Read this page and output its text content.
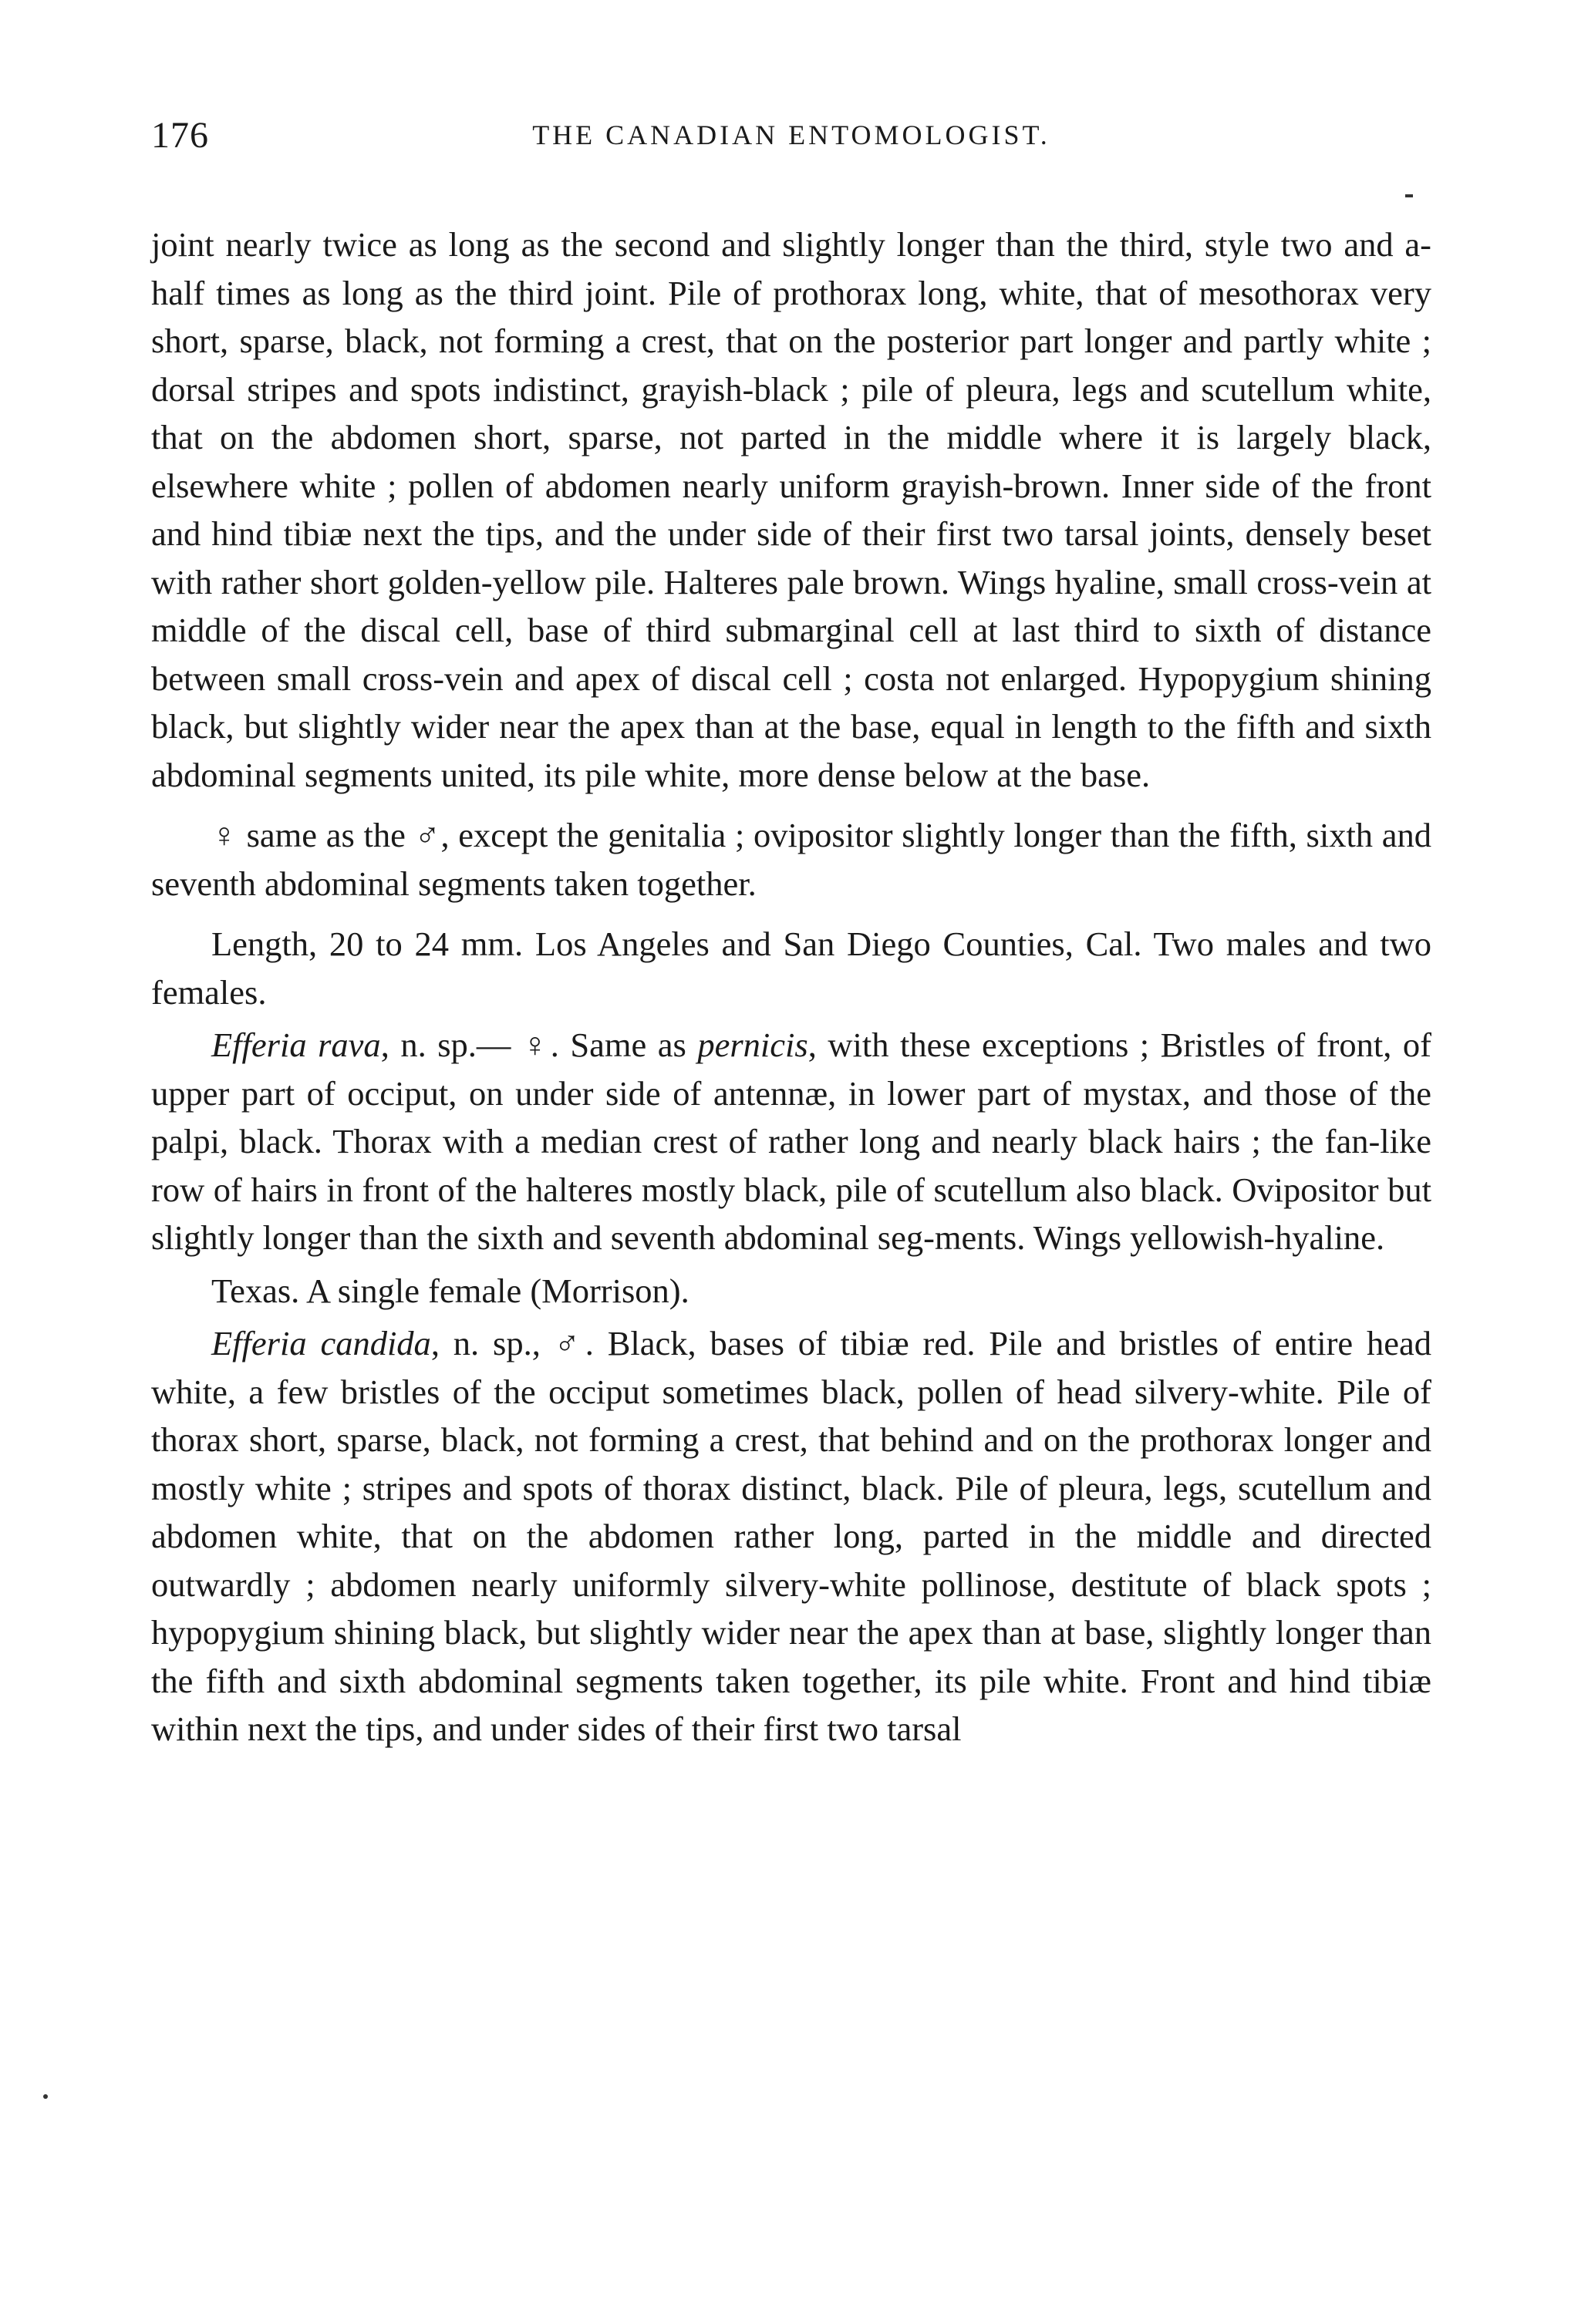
176	THE CANADIAN ENTOMOLOGIST.

joint nearly twice as long as the second and slightly longer than the third, style two and a-half times as long as the third joint. Pile of prothorax long, white, that of mesothorax very short, sparse, black, not forming a crest, that on the posterior part longer and partly white ; dorsal stripes and spots indistinct, grayish-black ; pile of pleura, legs and scutellum white, that on the abdomen short, sparse, not parted in the middle where it is largely black, elsewhere white ; pollen of abdomen nearly uniform grayish-brown. Inner side of the front and hind tibiæ next the tips, and the under side of their first two tarsal joints, densely beset with rather short golden-yellow pile. Halteres pale brown. Wings hyaline, small cross-vein at middle of the discal cell, base of third submarginal cell at last third to sixth of distance between small cross-vein and apex of discal cell ; costa not enlarged. Hypopygium shining black, but slightly wider near the apex than at the base, equal in length to the fifth and sixth abdominal segments united, its pile white, more dense below at the base.

♀ same as the ♂, except the genitalia ; ovipositor slightly longer than the fifth, sixth and seventh abdominal segments taken together.

Length, 20 to 24 mm. Los Angeles and San Diego Counties, Cal. Two males and two females.

Efferia rava, n. sp.— ♀. Same as pernicis, with these exceptions ; Bristles of front, of upper part of occiput, on under side of antennæ, in lower part of mystax, and those of the palpi, black. Thorax with a median crest of rather long and nearly black hairs ; the fan-like row of hairs in front of the halteres mostly black, pile of scutellum also black. Ovipositor but slightly longer than the sixth and seventh abdominal seg-ments. Wings yellowish-hyaline.

Texas. A single female (Morrison).

Efferia candida, n. sp., ♂. Black, bases of tibiæ red. Pile and bristles of entire head white, a few bristles of the occiput sometimes black, pollen of head silvery-white. Pile of thorax short, sparse, black, not forming a crest, that behind and on the prothorax longer and mostly white ; stripes and spots of thorax distinct, black. Pile of pleura, legs, scutellum and abdomen white, that on the abdomen rather long, parted in the middle and directed outwardly ; abdomen nearly uniformly silvery-white pollinose, destitute of black spots ; hypopygium shining black, but slightly wider near the apex than at base, slightly longer than the fifth and sixth abdominal segments taken together, its pile white. Front and hind tibiæ within next the tips, and under sides of their first two tarsal
